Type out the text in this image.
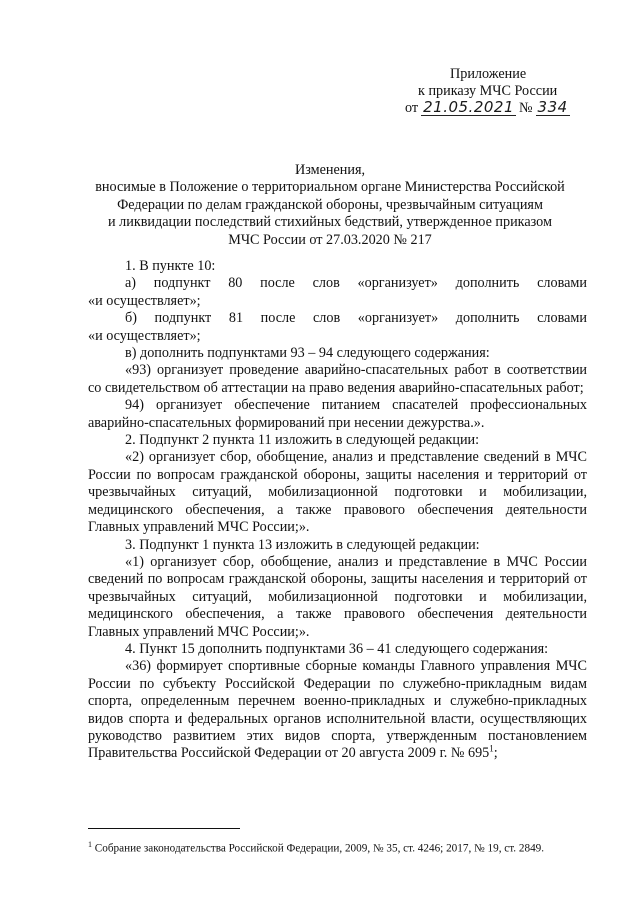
Приложение
к приказу МЧС России
от 21.05.2021 № 334
Изменения,
вносимые в Положение о территориальном органе Министерства Российской
Федерации по делам гражданской обороны, чрезвычайным ситуациям
и ликвидации последствий стихийных бедствий, утвержденное приказом
МЧС России от 27.03.2020 № 217

1. В пункте 10:

а) подпункт 80 после слов «организует» дополнить словами

«и осуществляет»;

б) подпункт 81 после слов «организует» дополнить словами

«и осуществляет»;

в) дополнить подпунктами 93 – 94 следующего содержания:

«93) организует проведение аварийно-спасательных работ в соответствии со свидетельством об аттестации на право ведения аварийно-спасательных работ;

94) организует обеспечение питанием спасателей профессиональных аварийно-спасательных формирований при несении дежурства.».

2. Подпункт 2 пункта 11 изложить в следующей редакции:

«2) организует сбор, обобщение, анализ и представление сведений в МЧС России по вопросам гражданской обороны, защиты населения и территорий от чрезвычайных ситуаций, мобилизационной подготовки и мобилизации, медицинского обеспечения, а также правового обеспечения деятельности Главных управлений МЧС России;».

3. Подпункт 1 пункта 13 изложить в следующей редакции:

«1) организует сбор, обобщение, анализ и представление в МЧС России сведений по вопросам гражданской обороны, защиты населения и территорий от чрезвычайных ситуаций, мобилизационной подготовки и мобилизации, медицинского обеспечения, а также правового обеспечения деятельности Главных управлений МЧС России;».

4. Пункт 15 дополнить подпунктами 36 – 41 следующего содержания:

«36) формирует спортивные сборные команды Главного управления МЧС России по субъекту Российской Федерации по служебно-прикладным видам спорта, определенным перечнем военно-прикладных и служебно-прикладных видов спорта и федеральных органов исполнительной власти, осуществляющих руководство развитием этих видов спорта, утвержденным постановлением Правительства Российской Федерации от 20 августа 2009 г. № $695^1$;

$^1$ Собрание законодательства Российской Федерации, 2009, № 35, ст. 4246; 2017, № 19, ст. 2849.
